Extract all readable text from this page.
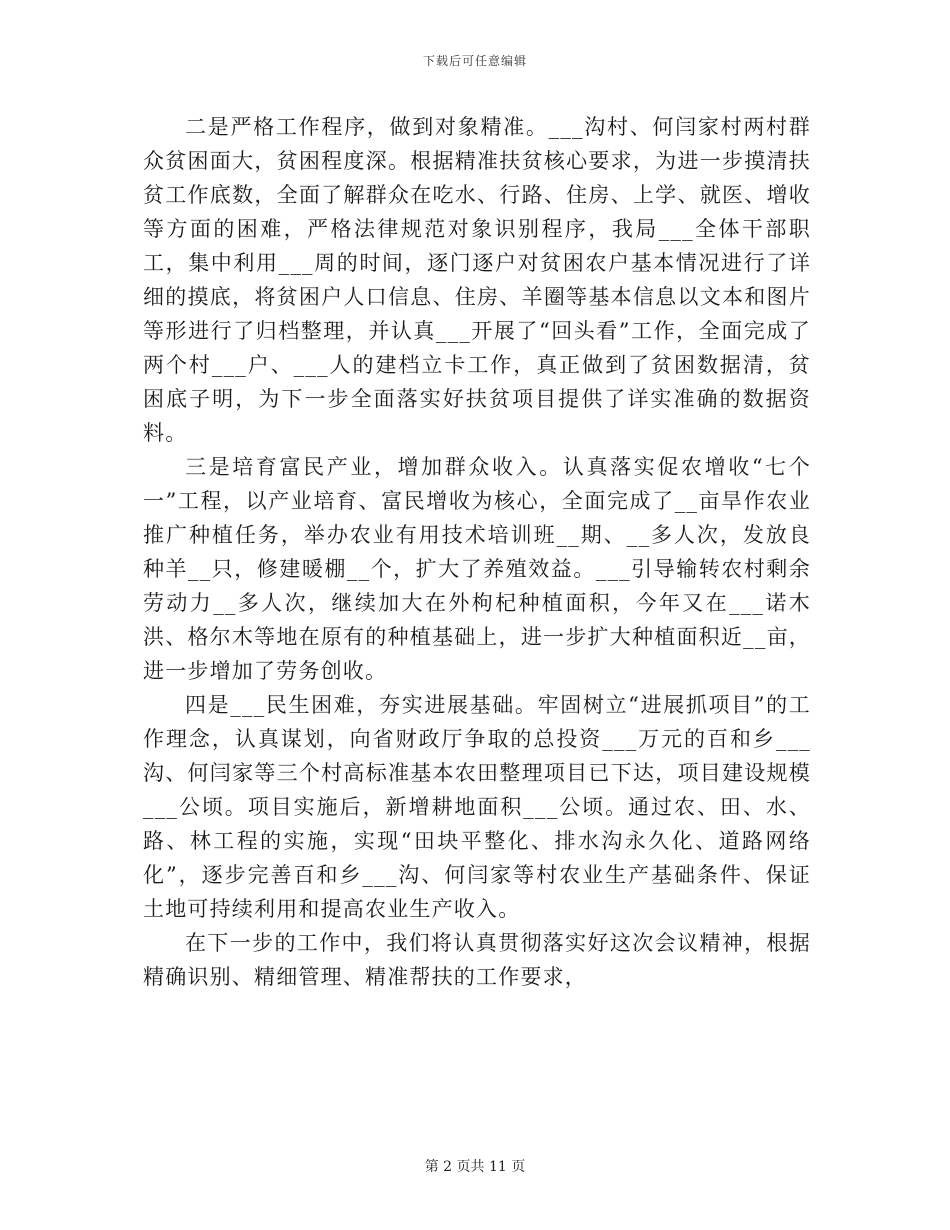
下载后可任意编辑

二是严格工作程序，做到对象精准。___沟村、何闫家村两村群众贫困面大，贫困程度深。根据精准扶贫核心要求，为进一步摸清扶贫工作底数，全面了解群众在吃水、行路、住房、上学、就医、增收等方面的困难，严格法律规范对象识别程序，我局___全体干部职工，集中利用___周的时间，逐门逐户对贫困农户基本情况进行了详细的摸底，将贫困户人口信息、住房、羊圈等基本信息以文本和图片等形进行了归档整理，并认真___开展了“回头看”工作，全面完成了两个村___户、___人的建档立卡工作，真正做到了贫困数据清，贫困底子明，为下一步全面落实好扶贫项目提供了详实准确的数据资料。

三是培育富民产业，增加群众收入。认真落实促农增收“七个一”工程，以产业培育、富民增收为核心，全面完成了__亩旱作农业推广种植任务，举办农业有用技术培训班__期、__多人次，发放良种羊__只，修建暖棚__个，扩大了养殖效益。___引导输转农村剩余劳动力__多人次，继续加大在外枸杞种植面积，今年又在___诺木洪、格尔木等地在原有的种植基础上，进一步扩大种植面积近__亩，进一步增加了劳务创收。

四是___民生困难，夯实进展基础。牢固树立“进展抓项目”的工作理念，认真谋划，向省财政厅争取的总投资___万元的百和乡___沟、何闫家等三个村高标准基本农田整理项目已下达，项目建设规模___公顷。项目实施后，新增耕地面积___公顷。通过农、田、水、路、林工程的实施，实现“田块平整化、排水沟永久化、道路网络化”，逐步完善百和乡___沟、何闫家等村农业生产基础条件、保证土地可持续利用和提高农业生产收入。

在下一步的工作中，我们将认真贯彻落实好这次会议精神，根据精确识别、精细管理、精准帮扶的工作要求，

第 2 页共 11 页
